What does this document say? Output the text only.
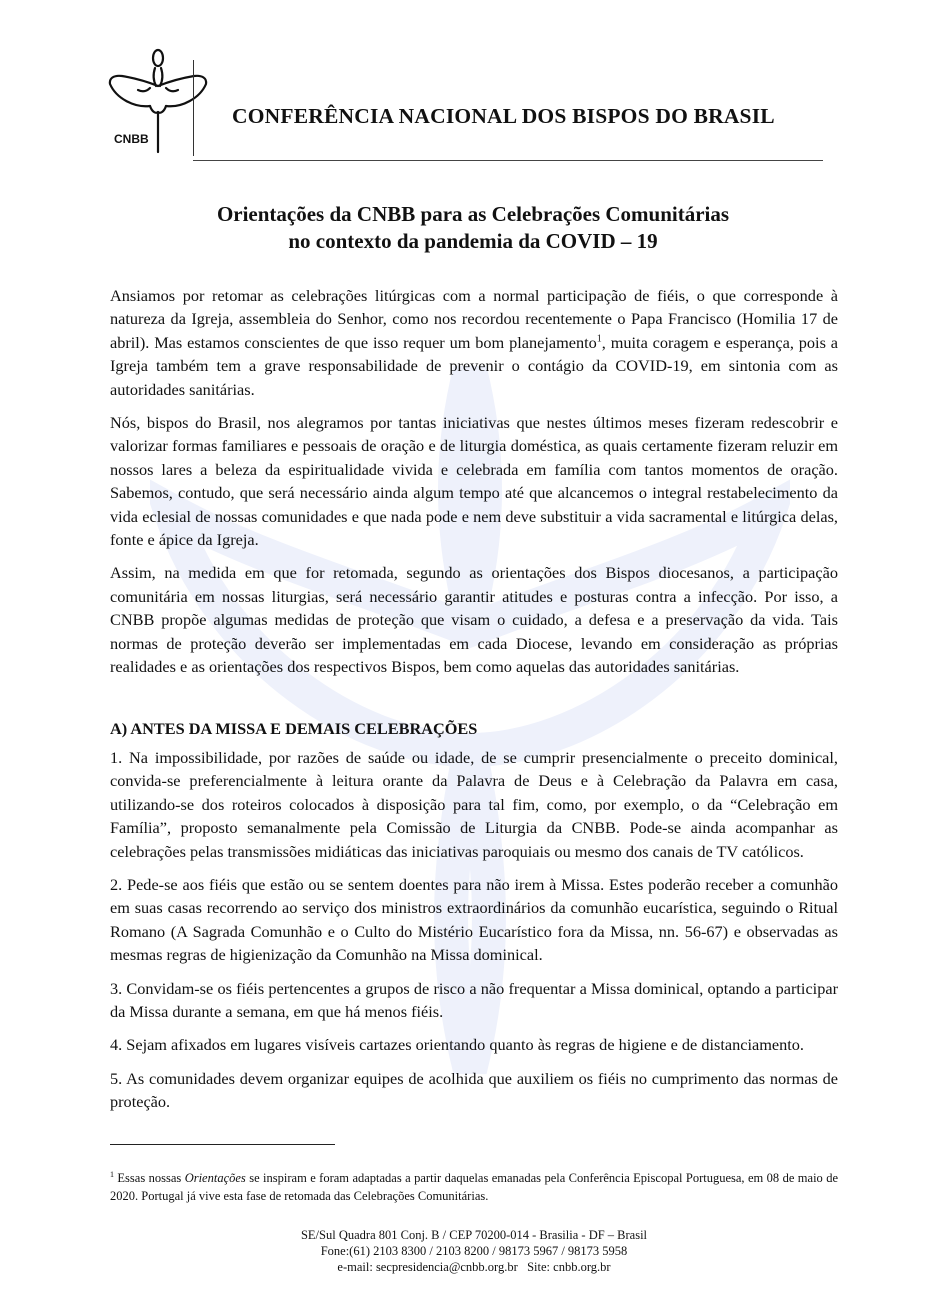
CNBB
CONFERÊNCIA NACIONAL DOS BISPOS DO BRASIL
Orientações da CNBB para as Celebrações Comunitárias
no contexto da pandemia da COVID – 19

Ansiamos por retomar as celebrações litúrgicas com a normal participação de fiéis, o que corresponde à natureza da Igreja, assembleia do Senhor, como nos recordou recentemente o Papa Francisco (Homilia 17 de abril). Mas estamos conscientes de que isso requer um bom planejamento$^1$, muita coragem e esperança, pois a Igreja também tem a grave responsabilidade de prevenir o contágio da COVID-19, em sintonia com as autoridades sanitárias.

Nós, bispos do Brasil, nos alegramos por tantas iniciativas que nestes últimos meses fizeram redescobrir e valorizar formas familiares e pessoais de oração e de liturgia doméstica, as quais certamente fizeram reluzir em nossos lares a beleza da espiritualidade vivida e celebrada em família com tantos momentos de oração. Sabemos, contudo, que será necessário ainda algum tempo até que alcancemos o integral restabelecimento da vida eclesial de nossas comunidades e que nada pode e nem deve substituir a vida sacramental e litúrgica delas, fonte e ápice da Igreja.

Assim, na medida em que for retomada, segundo as orientações dos Bispos diocesanos, a participação comunitária em nossas liturgias, será necessário garantir atitudes e posturas contra a infecção. Por isso, a CNBB propõe algumas medidas de proteção que visam o cuidado, a defesa e a preservação da vida. Tais normas de proteção deverão ser implementadas em cada Diocese, levando em consideração as próprias realidades e as orientações dos respectivos Bispos, bem como aquelas das autoridades sanitárias.

A) ANTES DA MISSA E DEMAIS CELEBRAÇÕES

1. Na impossibilidade, por razões de saúde ou idade, de se cumprir presencialmente o preceito dominical, convida-se preferencialmente à leitura orante da Palavra de Deus e à Celebração da Palavra em casa, utilizando-se dos roteiros colocados à disposição para tal fim, como, por exemplo, o da “Celebração em Família”, proposto semanalmente pela Comissão de Liturgia da CNBB. Pode-se ainda acompanhar as celebrações pelas transmissões midiáticas das iniciativas paroquiais ou mesmo dos canais de TV católicos.

2. Pede-se aos fiéis que estão ou se sentem doentes para não irem à Missa. Estes poderão receber a comunhão em suas casas recorrendo ao serviço dos ministros extraordinários da comunhão eucarística, seguindo o Ritual Romano (A Sagrada Comunhão e o Culto do Mistério Eucarístico fora da Missa, nn. 56-67) e observadas as mesmas regras de higienização da Comunhão na Missa dominical.

3. Convidam-se os fiéis pertencentes a grupos de risco a não frequentar a Missa dominical, optando a participar da Missa durante a semana, em que há menos fiéis.

4. Sejam afixados em lugares visíveis cartazes orientando quanto às regras de higiene e de distanciamento.

5. As comunidades devem organizar equipes de acolhida que auxiliem os fiéis no cumprimento das normas de proteção.

$^1$ Essas nossas Orientações se inspiram e foram adaptadas a partir daquelas emanadas pela Conferência Episcopal Portuguesa, em 08 de maio de 2020. Portugal já vive esta fase de retomada das Celebrações Comunitárias.
SE/Sul Quadra 801 Conj. B / CEP 70200-014 - Brasilia - DF – Brasil
Fone:(61) 2103 8300 / 2103 8200 / 98173 5967 / 98173 5958
e-mail: secpresidencia@cnbb.org.br   Site: cnbb.org.br
